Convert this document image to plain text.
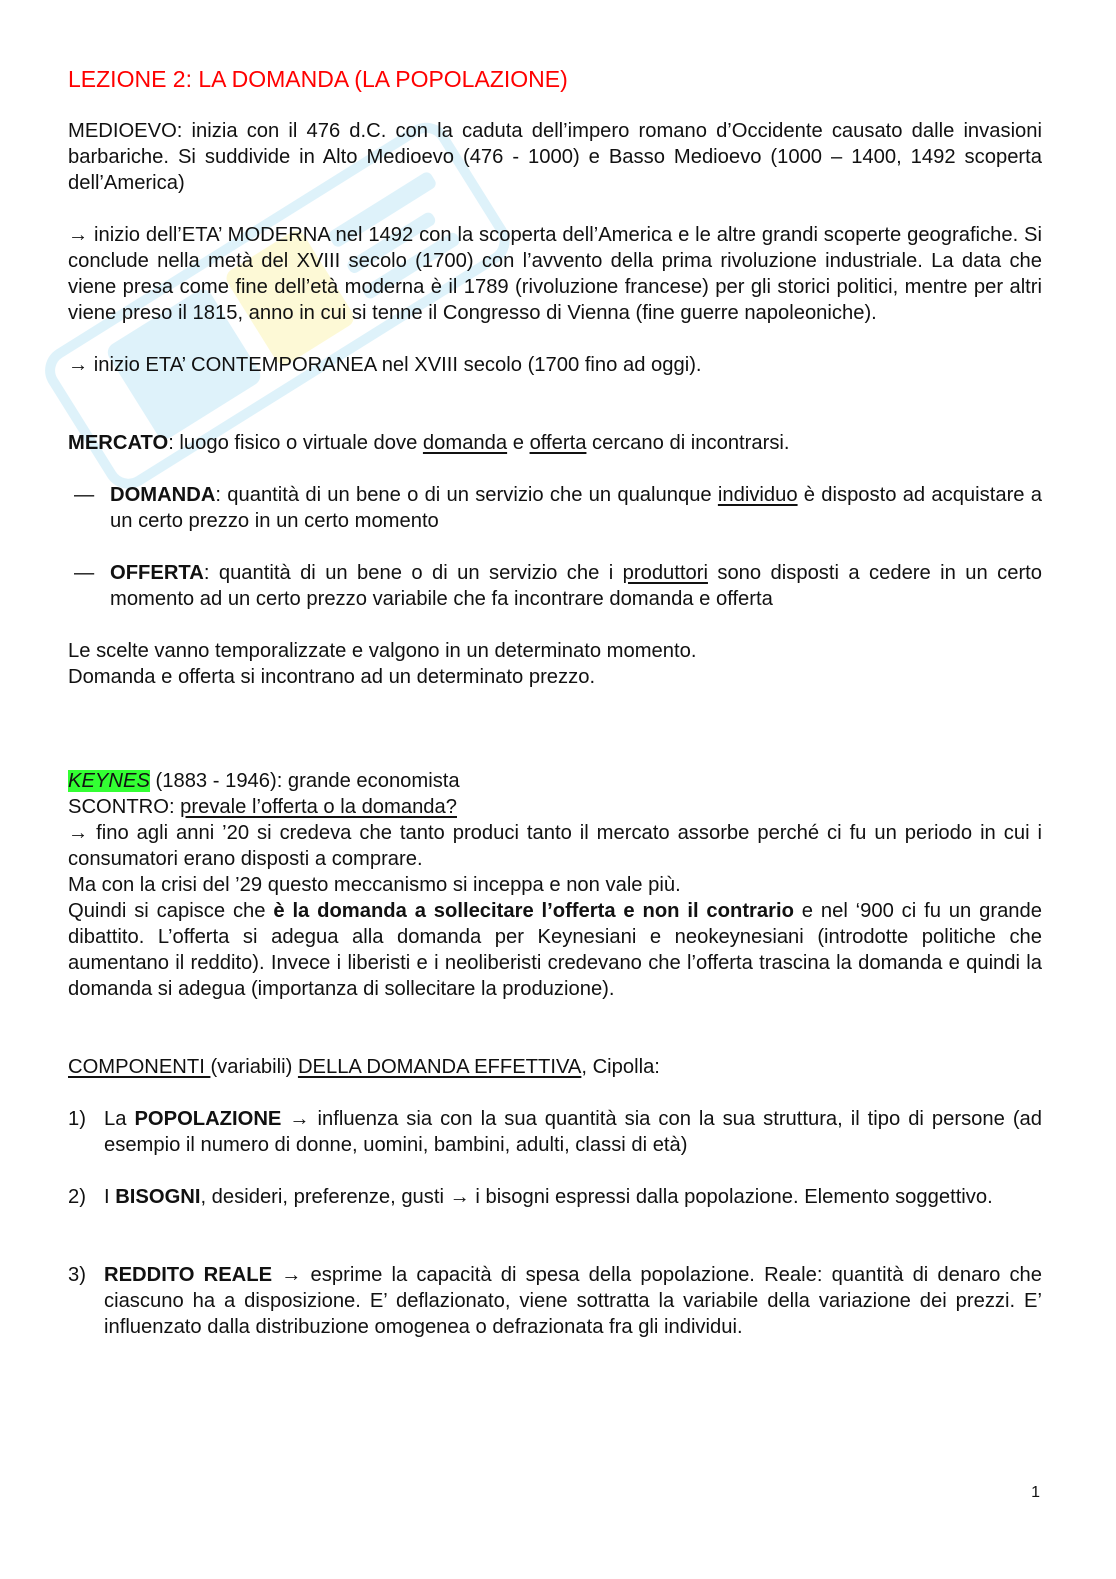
LEZIONE 2: LA DOMANDA (LA POPOLAZIONE)

MEDIOEVO: inizia con il 476 d.C. con la caduta dell’impero romano d’Occidente causato dalle invasioni barbariche. Si suddivide in Alto Medioevo (476 - 1000) e Basso Medioevo (1000 – 1400, 1492 scoperta dell’America)

→ inizio dell’ETA’ MODERNA nel 1492 con la scoperta dell’America e le altre grandi scoperte geografiche. Si conclude nella metà del XVIII secolo (1700) con l’avvento della prima rivoluzione industriale. La data che viene presa come fine dell’età moderna è il 1789 (rivoluzione francese) per gli storici politici, mentre per altri viene preso il 1815, anno in cui si tenne il Congresso di Vienna (fine guerre napoleoniche).

→ inizio ETA’ CONTEMPORANEA nel XVIII secolo (1700 fino ad oggi).

MERCATO: luogo fisico o virtuale dove domanda e offerta cercano di incontrarsi.

— DOMANDA: quantità di un bene o di un servizio che un qualunque individuo è disposto ad acquistare a un certo prezzo in un certo momento
— OFFERTA: quantità di un bene o di un servizio che i produttori sono disposti a cedere in un certo momento ad un certo prezzo variabile che fa incontrare domanda e offerta

Le scelte vanno temporalizzate e valgono in un determinato momento.

Domanda e offerta si incontrano ad un determinato prezzo.

KEYNES (1883 - 1946): grande economista

SCONTRO: prevale l’offerta o la domanda?

→ fino agli anni ’20 si credeva che tanto produci tanto il mercato assorbe perché ci fu un periodo in cui i consumatori erano disposti a comprare.

Ma con la crisi del ’29 questo meccanismo si inceppa e non vale più.

Quindi si capisce che è la domanda a sollecitare l’offerta e non il contrario e nel ‘900 ci fu un grande dibattito. L’offerta si adegua alla domanda per Keynesiani e neokeynesiani (introdotte politiche che aumentano il reddito). Invece i liberisti e i neoliberisti credevano che l’offerta trascina la domanda e quindi la domanda si adegua (importanza di sollecitare la produzione).

COMPONENTI (variabili) DELLA DOMANDA EFFETTIVA, Cipolla:

1) La POPOLAZIONE → influenza sia con la sua quantità sia con la sua struttura, il tipo di persone (ad esempio il numero di donne, uomini, bambini, adulti, classi di età)
2) I BISOGNI, desideri, preferenze, gusti → i bisogni espressi dalla popolazione. Elemento soggettivo.
3) REDDITO REALE → esprime la capacità di spesa della popolazione. Reale: quantità di denaro che ciascuno ha a disposizione. E’ deflazionato, viene sottratta la variabile della variazione dei prezzi. E’ influenzato dalla distribuzione omogenea o defrazionata fra gli individui.
1
